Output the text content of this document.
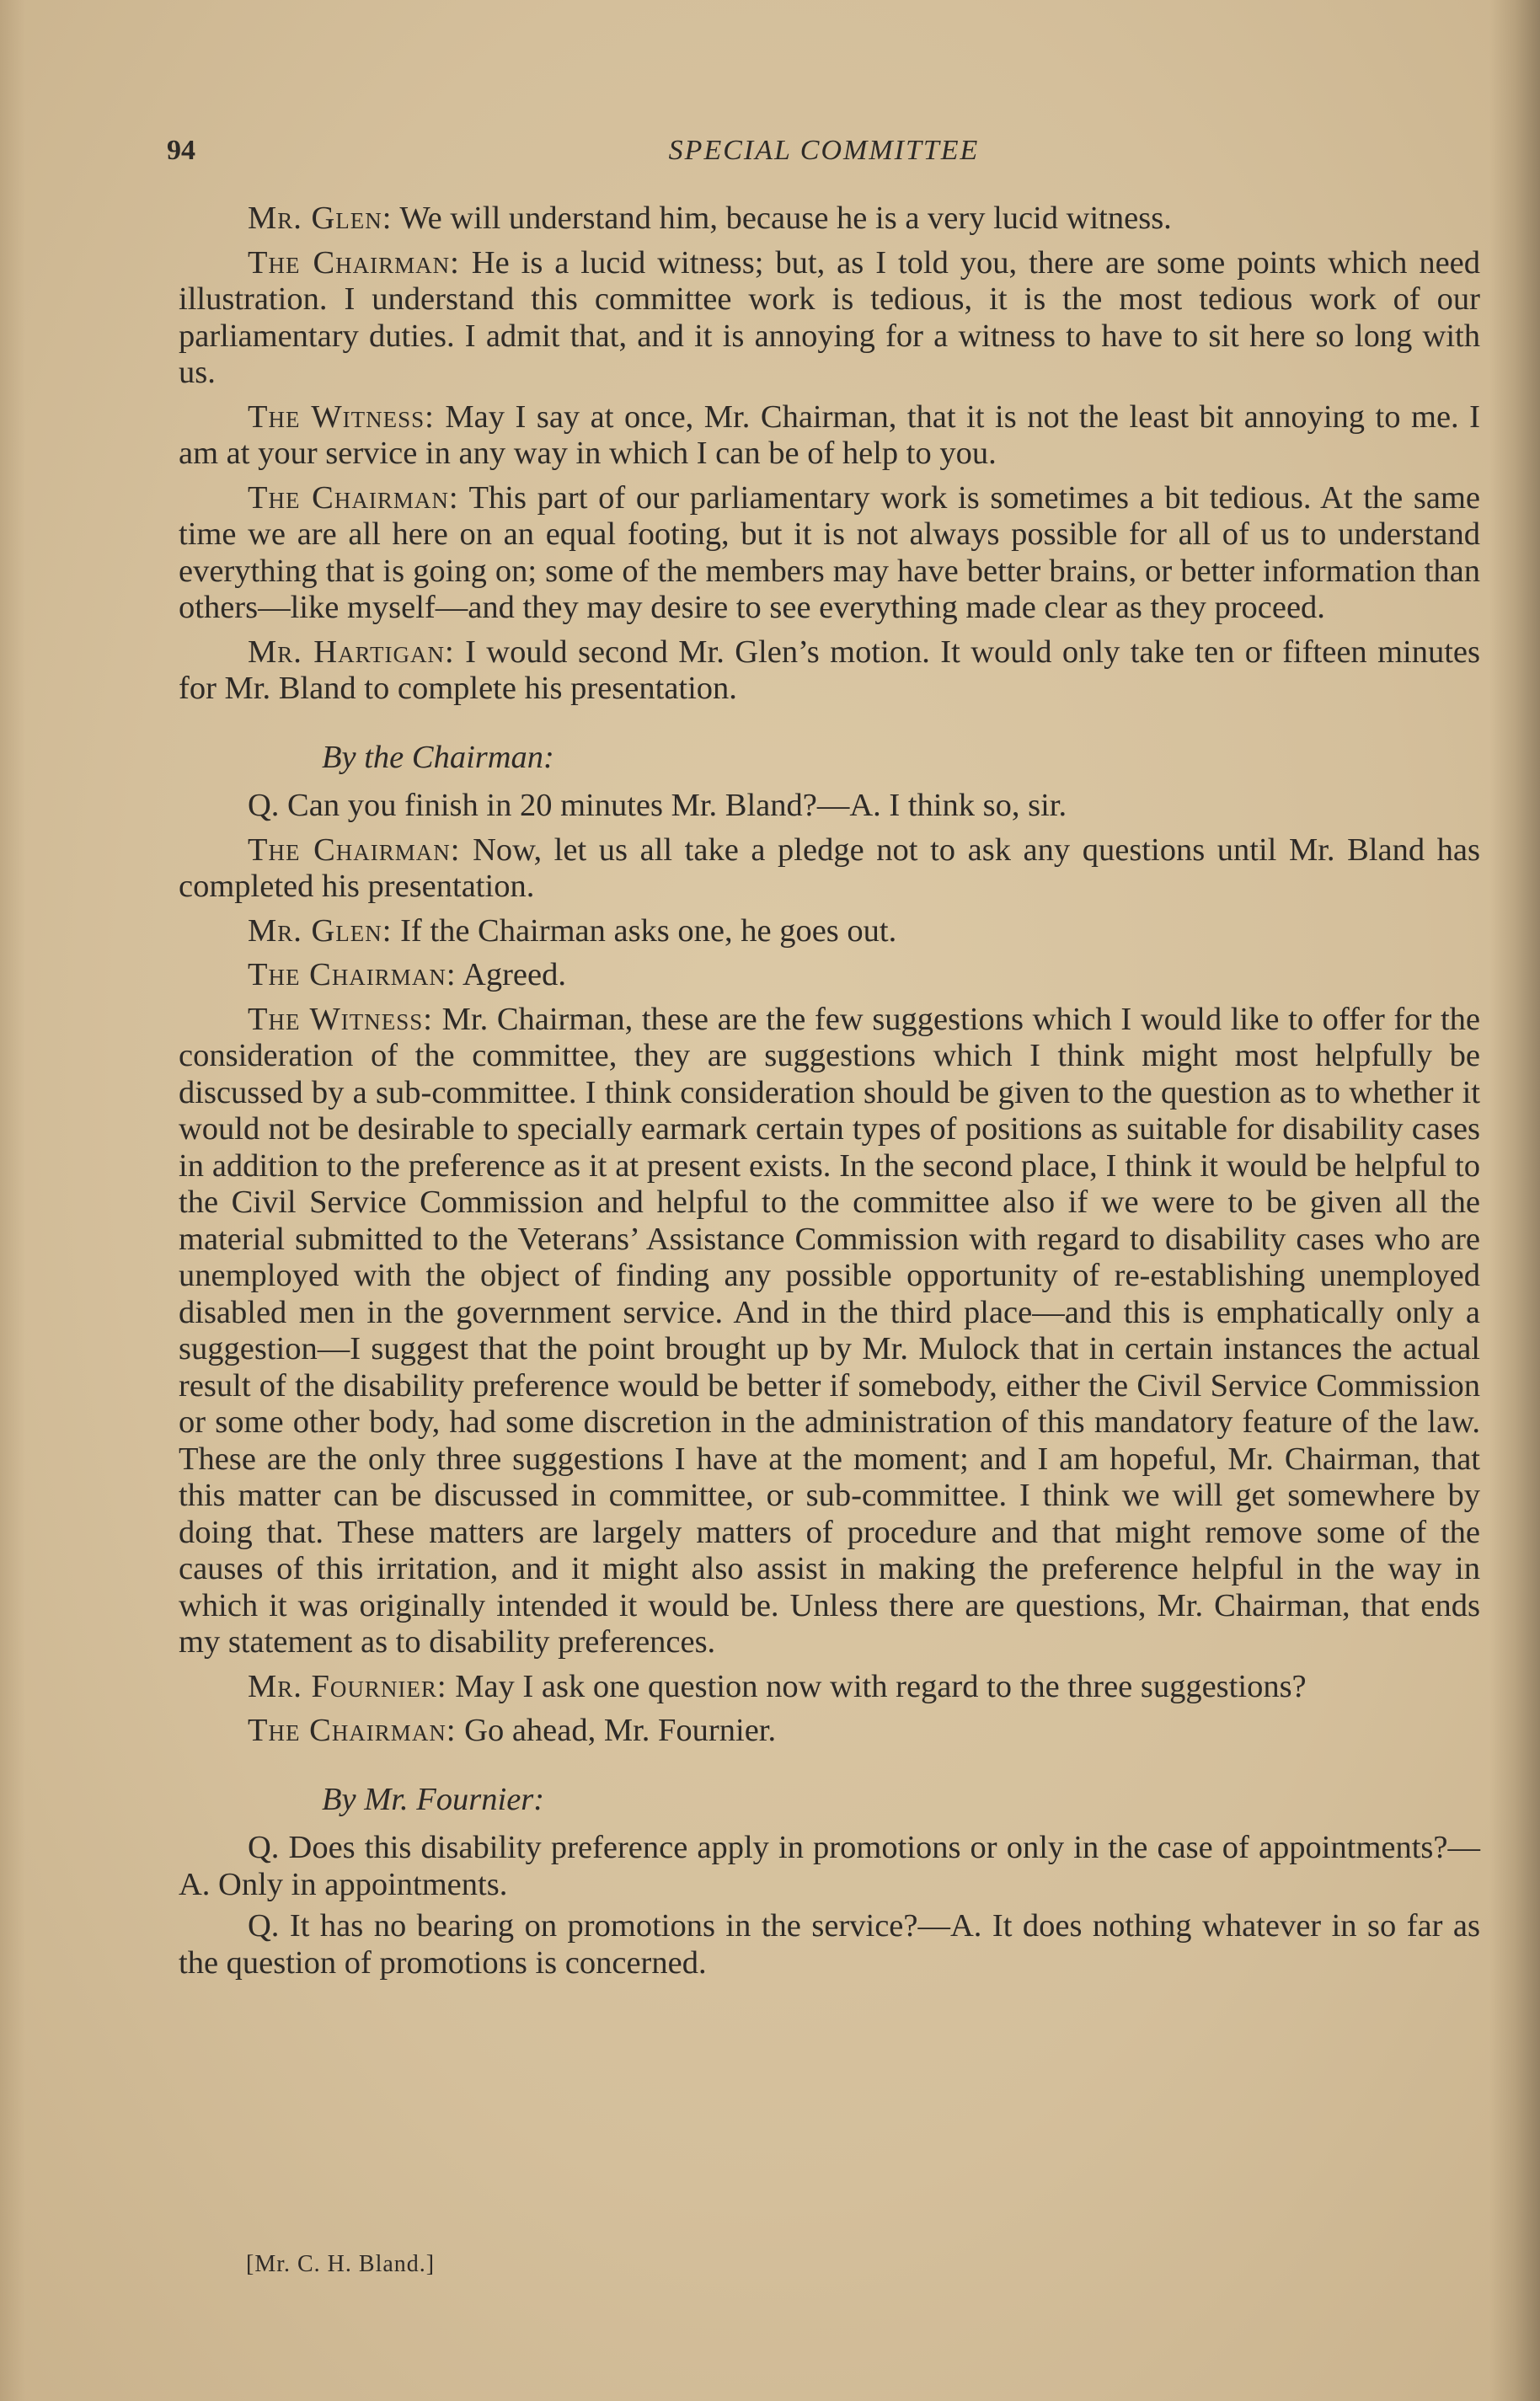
94	SPECIAL COMMITTEE

Mr. Glen: We will understand him, because he is a very lucid witness.

The Chairman: He is a lucid witness; but, as I told you, there are some points which need illustration. I understand this committee work is tedious, it is the most tedious work of our parliamentary duties. I admit that, and it is annoying for a witness to have to sit here so long with us.

The Witness: May I say at once, Mr. Chairman, that it is not the least bit annoying to me. I am at your service in any way in which I can be of help to you.

The Chairman: This part of our parliamentary work is sometimes a bit tedious. At the same time we are all here on an equal footing, but it is not always possible for all of us to understand everything that is going on; some of the members may have better brains, or better information than others—like myself—and they may desire to see everything made clear as they proceed.

Mr. Hartigan: I would second Mr. Glen’s motion. It would only take ten or fifteen minutes for Mr. Bland to complete his presentation.

By the Chairman:

Q. Can you finish in 20 minutes Mr. Bland?—A. I think so, sir.

The Chairman: Now, let us all take a pledge not to ask any questions until Mr. Bland has completed his presentation.

Mr. Glen: If the Chairman asks one, he goes out.

The Chairman: Agreed.

The Witness: Mr. Chairman, these are the few suggestions which I would like to offer for the consideration of the committee, they are suggestions which I think might most helpfully be discussed by a sub-committee. I think consideration should be given to the question as to whether it would not be desirable to specially earmark certain types of positions as suitable for disability cases in addition to the preference as it at present exists. In the second place, I think it would be helpful to the Civil Service Commission and helpful to the committee also if we were to be given all the material submitted to the Veterans’ Assistance Commission with regard to disability cases who are unemployed with the object of finding any possible opportunity of re-establishing unemployed disabled men in the government service. And in the third place—and this is emphatically only a suggestion—I suggest that the point brought up by Mr. Mulock that in certain instances the actual result of the disability preference would be better if somebody, either the Civil Service Commission or some other body, had some discretion in the administration of this mandatory feature of the law. These are the only three suggestions I have at the moment; and I am hopeful, Mr. Chairman, that this matter can be discussed in committee, or sub-committee. I think we will get somewhere by doing that. These matters are largely matters of procedure and that might remove some of the causes of this irritation, and it might also assist in making the preference helpful in the way in which it was originally intended it would be. Unless there are questions, Mr. Chairman, that ends my statement as to disability preferences.

Mr. Fournier: May I ask one question now with regard to the three suggestions?

The Chairman: Go ahead, Mr. Fournier.

By Mr. Fournier:

Q. Does this disability preference apply in promotions or only in the case of appointments?—A. Only in appointments.

Q. It has no bearing on promotions in the service?—A. It does nothing whatever in so far as the question of promotions is concerned.

[Mr. C. H. Bland.]
